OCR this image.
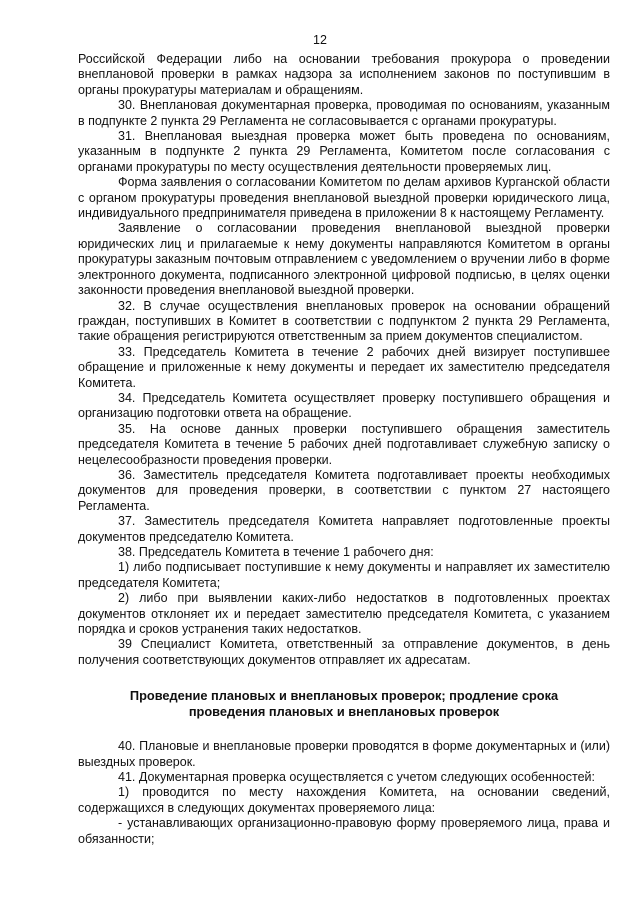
12

Российской Федерации либо на основании требования прокурора о проведении внеплановой проверки в рамках надзора за исполнением законов по поступившим в органы прокуратуры материалам и обращениям.

30. Внеплановая документарная проверка, проводимая по основаниям, указанным в подпункте 2 пункта 29 Регламента не согласовывается с органами прокуратуры.

31. Внеплановая выездная проверка может быть проведена по основаниям, указанным в подпункте 2 пункта 29 Регламента, Комитетом после согласования с органами прокуратуры по месту осуществления деятельности проверяемых лиц.

Форма заявления о согласовании Комитетом по делам архивов Курганской области с органом прокуратуры проведения внеплановой выездной проверки юридического лица, индивидуального предпринимателя приведена в приложении 8 к настоящему Регламенту.

Заявление о согласовании проведения внеплановой выездной проверки юридических лиц и прилагаемые к нему документы направляются Комитетом в органы прокуратуры заказным почтовым отправлением с уведомлением о вручении либо в форме электронного документа, подписанного электронной цифровой подписью, в целях оценки законности проведения внеплановой выездной проверки.

32. В случае осуществления внеплановых проверок на основании обращений граждан, поступивших в Комитет в соответствии с подпунктом 2 пункта 29 Регламента, такие обращения регистрируются ответственным за прием документов специалистом.

33. Председатель Комитета в течение 2 рабочих дней визирует поступившее обращение и приложенные к нему документы и передает их заместителю председателя Комитета.

34. Председатель Комитета осуществляет проверку поступившего обращения и организацию подготовки ответа на обращение.

35. На основе данных проверки поступившего обращения заместитель председателя Комитета в течение 5 рабочих дней подготавливает служебную записку о нецелесообразности проведения проверки.

36. Заместитель председателя Комитета подготавливает проекты необходимых документов для проведения проверки, в соответствии с пунктом 27 настоящего Регламента.

37. Заместитель председателя Комитета направляет подготовленные проекты документов председателю Комитета.

38. Председатель Комитета в течение 1 рабочего дня:

1) либо подписывает поступившие к нему документы и направляет их заместителю председателя Комитета;

2) либо при выявлении каких-либо недостатков в подготовленных проектах документов отклоняет их и передает заместителю председателя Комитета, с указанием порядка и сроков устранения таких недостатков.

39 Специалист Комитета, ответственный за отправление документов, в день получения соответствующих документов отправляет их адресатам.

Проведение плановых и внеплановых проверок; продление срока проведения плановых и внеплановых проверок

40. Плановые и внеплановые проверки проводятся в форме документарных и (или) выездных проверок.

41. Документарная проверка осуществляется с учетом следующих особенностей:

1) проводится по месту нахождения Комитета, на основании сведений, содержащихся в следующих документах проверяемого лица:

- устанавливающих организационно-правовую форму проверяемого лица, права и обязанности;
